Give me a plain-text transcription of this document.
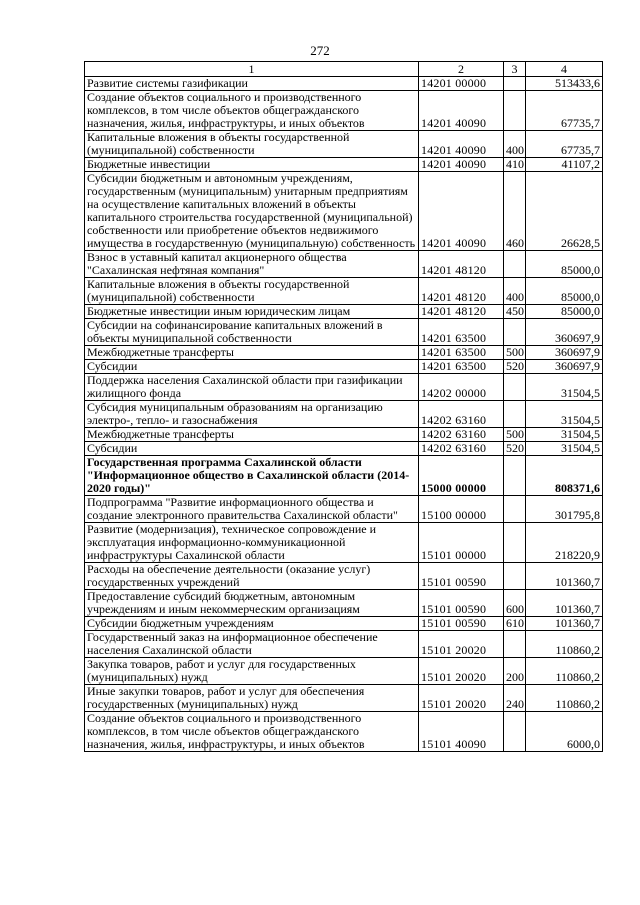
272
1	2	3	4
Развитие системы газификации	14201 00000		513433,6
Создание объектов социального и производственного комплексов, в том числе объектов общегражданского назначения, жилья, инфраструктуры, и иных объектов	14201 40090		67735,7
Капитальные вложения в объекты государственной (муниципальной) собственности	14201 40090	400	67735,7
Бюджетные инвестиции	14201 40090	410	41107,2
Субсидии бюджетным и автономным учреждениям, государственным (муниципальным) унитарным предприятиям на осуществление капитальных вложений в объекты капитального строительства государственной (муниципальной) собственности или приобретение объектов недвижимого имущества в государственную (муниципальную) собственность	14201 40090	460	26628,5
Взнос в уставный капитал акционерного общества "Сахалинская нефтяная компания"	14201 48120		85000,0
Капитальные вложения в объекты государственной (муниципальной) собственности	14201 48120	400	85000,0
Бюджетные инвестиции иным юридическим лицам	14201 48120	450	85000,0
Субсидии на софинансирование капитальных вложений в объекты муниципальной собственности	14201 63500		360697,9
Межбюджетные трансферты	14201 63500	500	360697,9
Субсидии	14201 63500	520	360697,9
Поддержка населения Сахалинской области при газификации жилищного фонда	14202 00000		31504,5
Субсидия муниципальным образованиям на организацию электро-, тепло- и газоснабжения	14202 63160		31504,5
Межбюджетные трансферты	14202 63160	500	31504,5
Субсидии	14202 63160	520	31504,5
Государственная программа Сахалинской области "Информационное общество в Сахалинской области (2014-2020 годы)"	15000 00000		808371,6
Подпрограмма "Развитие информационного общества и создание электронного правительства Сахалинской области"	15100 00000		301795,8
Развитие (модернизация), техническое сопровождение и эксплуатация информационно-коммуникационной инфраструктуры Сахалинской области	15101 00000		218220,9
Расходы на обеспечение деятельности (оказание услуг) государственных учреждений	15101 00590		101360,7
Предоставление субсидий бюджетным, автономным учреждениям и иным некоммерческим организациям	15101 00590	600	101360,7
Субсидии бюджетным учреждениям	15101 00590	610	101360,7
Государственный заказ на информационное обеспечение населения Сахалинской области	15101 20020		110860,2
Закупка товаров, работ и услуг для государственных (муниципальных) нужд	15101 20020	200	110860,2
Иные закупки товаров, работ и услуг для обеспечения государственных (муниципальных) нужд	15101 20020	240	110860,2
Создание объектов социального и производственного комплексов, в том числе объектов общегражданского назначения, жилья, инфраструктуры, и иных объектов	15101 40090		6000,0
